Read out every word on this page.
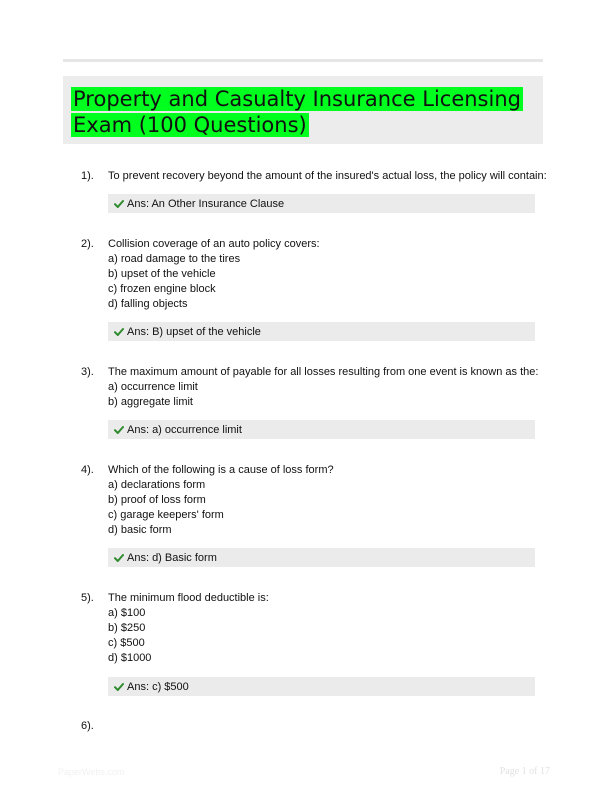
Property and Casualty Insurance Licensing Exam (100 Questions)
1). To prevent recovery beyond the amount of the insured's actual loss, the policy will contain:
Ans: An Other Insurance Clause
2). Collision coverage of an auto policy covers:
a) road damage to the tires
b) upset of the vehicle
c) frozen engine block
d) falling objects
Ans: B) upset of the vehicle
3). The maximum amount of payable for all losses resulting from one event is known as the:
a) occurrence limit
b) aggregate limit
Ans: a) occurrence limit
4). Which of the following is a cause of loss form?
a) declarations form
b) proof of loss form
c) garage keepers' form
d) basic form
Ans: d) Basic form
5). The minimum flood deductible is:
a) $100
b) $250
c) $500
d) $1000
Ans: c) $500
6).
PaperWebs.com	Page 1 of 17
